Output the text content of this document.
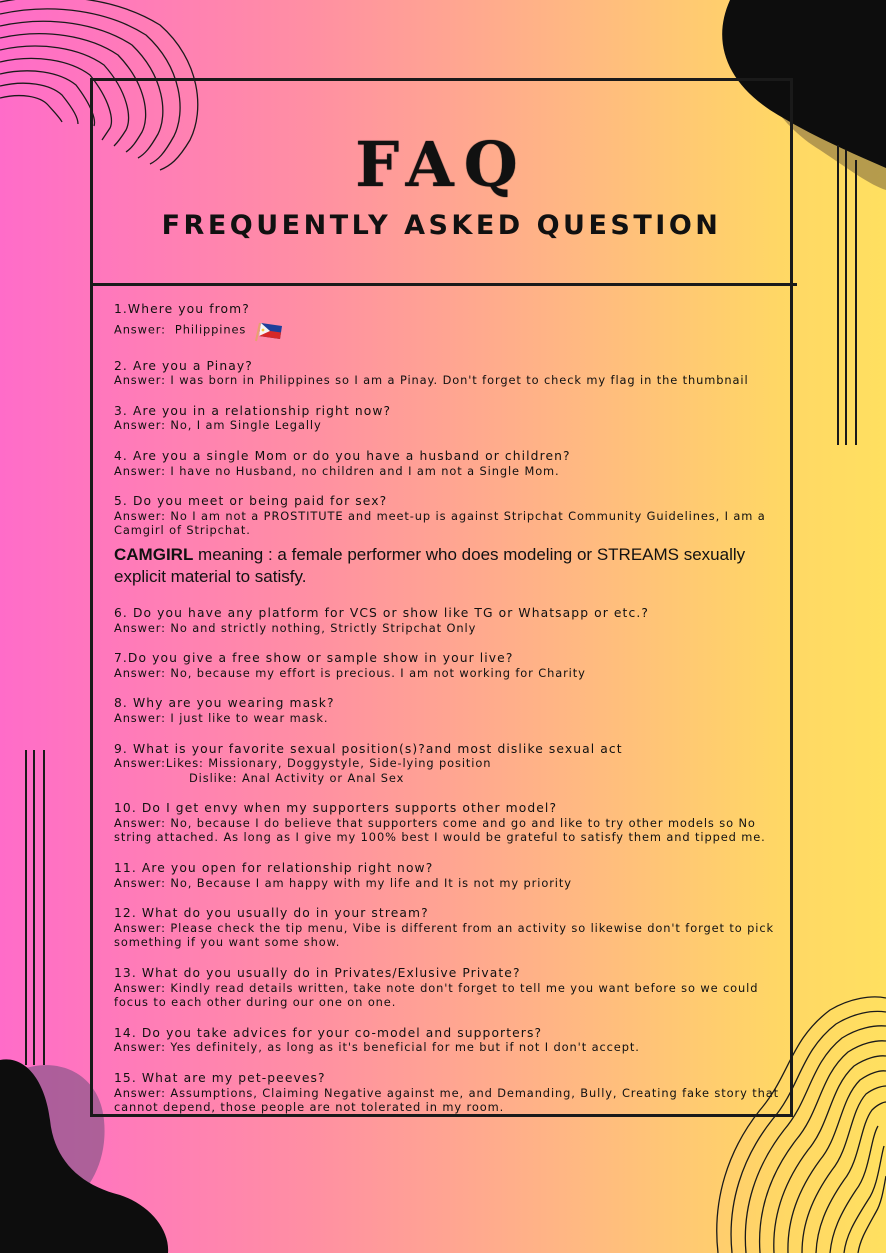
FAQ
FREQUENTLY ASKED QUESTION

1.Where you from?

Answer:  Philippines

2. Are you a Pinay?

Answer: I was born in Philippines so I am a Pinay. Don't forget to check my flag in the thumbnail

3. Are you in a relationship right now?

Answer: No, I am Single Legally

4. Are you a single Mom or do you have a husband or children?

Answer: I have no Husband, no children and I am not a Single Mom.

5. Do you meet or being paid for sex?

Answer: No I am not a PROSTITUTE and meet-up is against Stripchat Community Guidelines, I am a Camgirl of Stripchat.

CAMGIRL meaning : a female performer who does modeling or STREAMS sexually explicit material to satisfy.

6. Do you have any platform for VCS or show like TG or Whatsapp or etc.?

Answer: No and strictly nothing, Strictly Stripchat Only

7.Do you give a free show or sample show in your live?

Answer: No, because my effort is precious. I am not working for Charity

8. Why are you wearing mask?

Answer: I just like to wear mask.

9. What is your favorite sexual position(s)?and most dislike sexual act

Answer:Likes: Missionary, Doggystyle, Side-lying position

Dislike: Anal Activity or Anal Sex

10. Do I get envy when my supporters supports other model?

Answer: No, because I do believe that supporters come and go and like to try other models so No string attached. As long as I give my 100% best I would be grateful to satisfy them and tipped me.

11. Are you open for relationship right now?

Answer: No, Because I am happy with my life and It is not my priority

12. What do you usually do in your stream?

Answer: Please check the tip menu, Vibe is different from an activity so likewise don't forget to pick something if you want some show.

13. What do you usually do in Privates/Exlusive Private?

Answer: Kindly read details written, take note don't forget to tell me you want before so we could focus to each other during our one on one.

14. Do you take advices for your co-model and supporters?

Answer: Yes definitely, as long as it's beneficial for me but if not I don't accept.

15. What are my pet-peeves?

Answer: Assumptions, Claiming Negative against me, and Demanding, Bully, Creating fake story that cannot depend, those people are not tolerated in my room.
